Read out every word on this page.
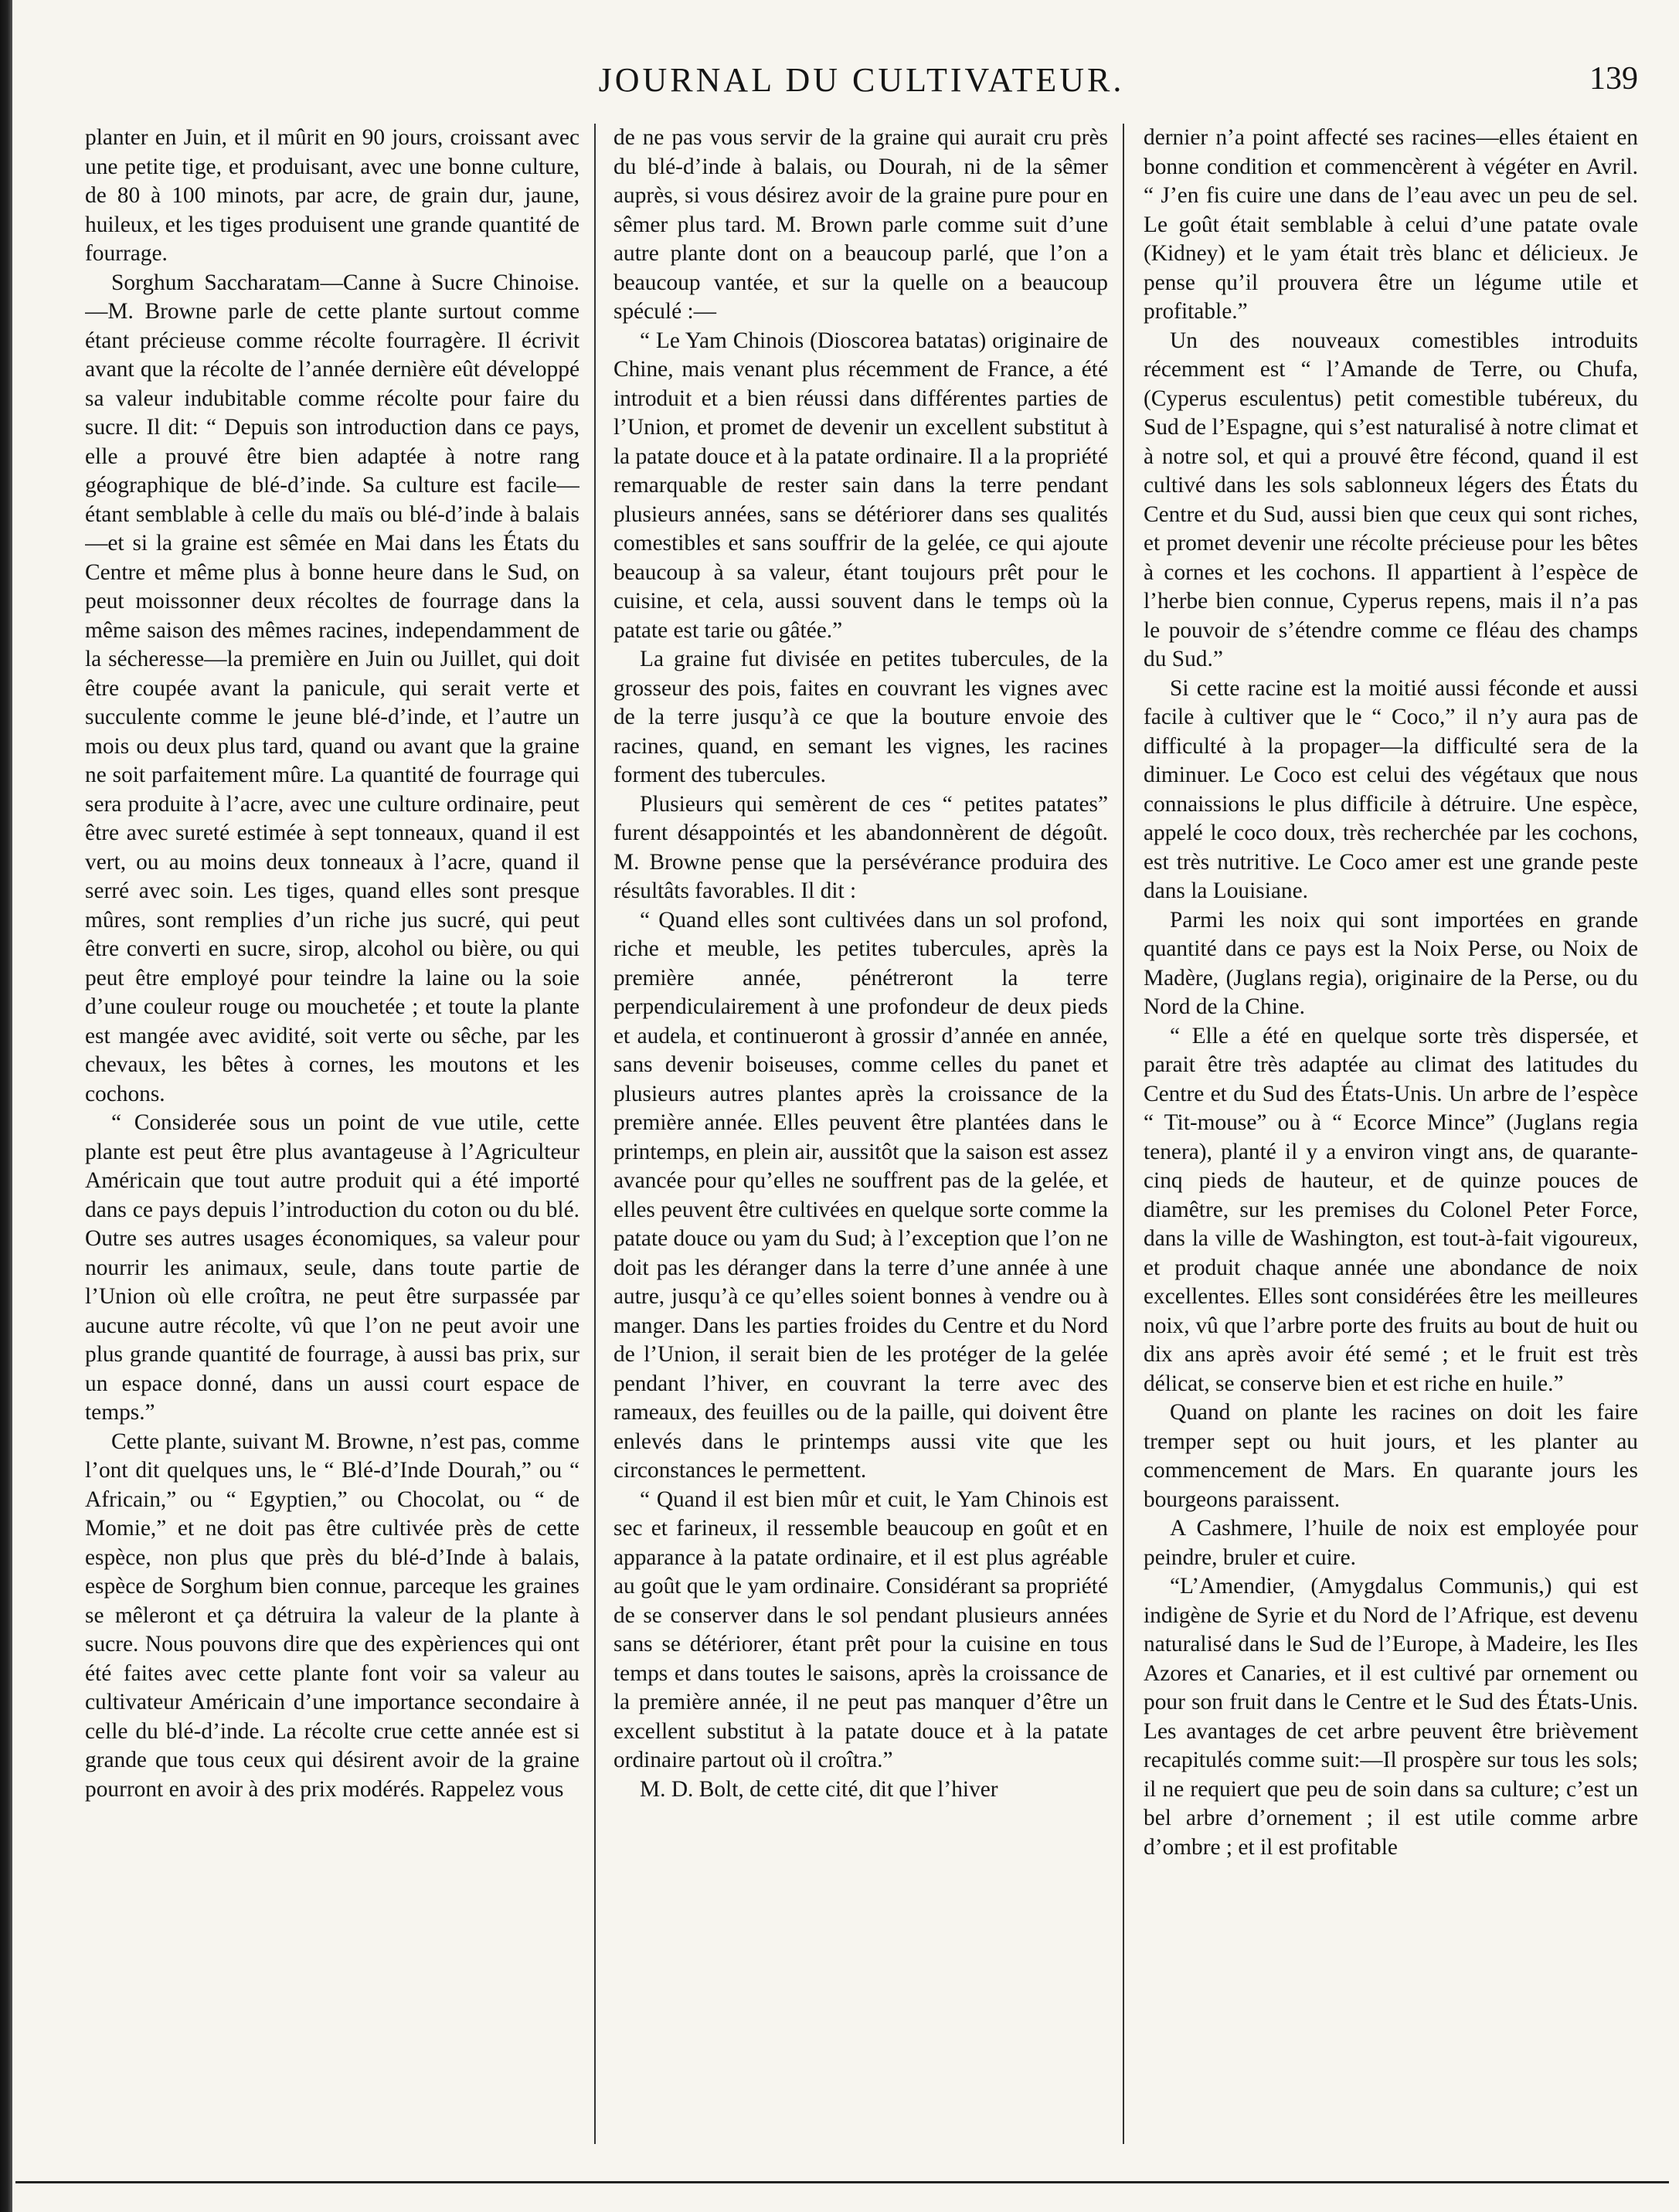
JOURNAL DU CULTIVATEUR.	139

planter en Juin, et il mûrit en 90 jours, croissant avec une petite tige, et produisant, avec une bonne culture, de 80 à 100 minots, par acre, de grain dur, jaune, huileux, et les tiges produisent une grande quantité de fourrage.

Sorghum Saccharatam—Canne à Sucre Chinoise.—M. Browne parle de cette plante surtout comme étant précieuse comme récolte fourragère. Il écrivit avant que la récolte de l’année dernière eût développé sa valeur indubitable comme récolte pour faire du sucre. Il dit: “ Depuis son introduction dans ce pays, elle a prouvé être bien adaptée à notre rang géographique de blé-d’inde. Sa culture est facile—étant semblable à celle du maïs ou blé-d’inde à balais—et si la graine est sêmée en Mai dans les États du Centre et même plus à bonne heure dans le Sud, on peut moissonner deux récoltes de fourrage dans la même saison des mêmes racines, independamment de la sécheresse—la première en Juin ou Juillet, qui doit être coupée avant la panicule, qui serait verte et succulente comme le jeune blé-d’inde, et l’autre un mois ou deux plus tard, quand ou avant que la graine ne soit parfaitement mûre. La quantité de fourrage qui sera produite à l’acre, avec une culture ordinaire, peut être avec sureté estimée à sept tonneaux, quand il est vert, ou au moins deux tonneaux à l’acre, quand il serré avec soin. Les tiges, quand elles sont presque mûres, sont remplies d’un riche jus sucré, qui peut être converti en sucre, sirop, alcohol ou bière, ou qui peut être employé pour teindre la laine ou la soie d’une couleur rouge ou mouchetée ; et toute la plante est mangée avec avidité, soit verte ou sêche, par les chevaux, les bêtes à cornes, les moutons et les cochons.

“ Considerée sous un point de vue utile, cette plante est peut être plus avantageuse à l’Agriculteur Américain que tout autre produit qui a été importé dans ce pays depuis l’introduction du coton ou du blé. Outre ses autres usages économiques, sa valeur pour nourrir les animaux, seule, dans toute partie de l’Union où elle croîtra, ne peut être surpassée par aucune autre récolte, vû que l’on ne peut avoir une plus grande quantité de fourrage, à aussi bas prix, sur un espace donné, dans un aussi court espace de temps.”

Cette plante, suivant M. Browne, n’est pas, comme l’ont dit quelques uns, le “ Blé-d’Inde Dourah,” ou “ Africain,” ou “ Egyptien,” ou Chocolat, ou “ de Momie,” et ne doit pas être cultivée près de cette espèce, non plus que près du blé-d’Inde à balais, espèce de Sorghum bien connue, parceque les graines se mêleront et ça détruira la valeur de la plante à sucre. Nous pouvons dire que des expèriences qui ont été faites avec cette plante font voir sa valeur au cultivateur Américain d’une importance secondaire à celle du blé-d’inde. La récolte crue cette année est si grande que tous ceux qui désirent avoir de la graine pourront en avoir à des prix modérés. Rappelez vous

de ne pas vous servir de la graine qui aurait cru près du blé-d’inde à balais, ou Dourah, ni de la sêmer auprès, si vous désirez avoir de la graine pure pour en sêmer plus tard. M. Brown parle comme suit d’une autre plante dont on a beaucoup parlé, que l’on a beaucoup vantée, et sur la quelle on a beaucoup spéculé :—

“ Le Yam Chinois (Dioscorea batatas) originaire de Chine, mais venant plus récemment de France, a été introduit et a bien réussi dans différentes parties de l’Union, et promet de devenir un excellent substitut à la patate douce et à la patate ordinaire. Il a la propriété remarquable de rester sain dans la terre pendant plusieurs années, sans se détériorer dans ses qualités comestibles et sans souffrir de la gelée, ce qui ajoute beaucoup à sa valeur, étant toujours prêt pour le cuisine, et cela, aussi souvent dans le temps où la patate est tarie ou gâtée.”

La graine fut divisée en petites tubercules, de la grosseur des pois, faites en couvrant les vignes avec de la terre jusqu’à ce que la bouture envoie des racines, quand, en semant les vignes, les racines forment des tubercules.

Plusieurs qui semèrent de ces “ petites patates” furent désappointés et les abandonnèrent de dégoût. M. Browne pense que la persévérance produira des résultâts favorables. Il dit :

“ Quand elles sont cultivées dans un sol profond, riche et meuble, les petites tubercules, après la première année, pénétreront la terre perpendiculairement à une profondeur de deux pieds et audela, et continueront à grossir d’année en année, sans devenir boiseuses, comme celles du panet et plusieurs autres plantes après la croissance de la première année. Elles peuvent être plantées dans le printemps, en plein air, aussitôt que la saison est assez avancée pour qu’elles ne souffrent pas de la gelée, et elles peuvent être cultivées en quelque sorte comme la patate douce ou yam du Sud; à l’exception que l’on ne doit pas les déranger dans la terre d’une année à une autre, jusqu’à ce qu’elles soient bonnes à vendre ou à manger. Dans les parties froides du Centre et du Nord de l’Union, il serait bien de les protéger de la gelée pendant l’hiver, en couvrant la terre avec des rameaux, des feuilles ou de la paille, qui doivent être enlevés dans le printemps aussi vite que les circonstances le permettent.

“ Quand il est bien mûr et cuit, le Yam Chinois est sec et farineux, il ressemble beaucoup en goût et en apparance à la patate ordinaire, et il est plus agréable au goût que le yam ordinaire. Considérant sa propriété de se conserver dans le sol pendant plusieurs années sans se détériorer, étant prêt pour la cuisine en tous temps et dans toutes le saisons, après la croissance de la première année, il ne peut pas manquer d’être un excellent substitut à la patate douce et à la patate ordinaire partout où il croîtra.”

M. D. Bolt, de cette cité, dit que l’hiver

dernier n’a point affecté ses racines—elles étaient en bonne condition et commencèrent à végéter en Avril. “ J’en fis cuire une dans de l’eau avec un peu de sel. Le goût était semblable à celui d’une patate ovale (Kidney) et le yam était très blanc et délicieux. Je pense qu’il prouvera être un légume utile et profitable.”

Un des nouveaux comestibles introduits récemment est “ l’Amande de Terre, ou Chufa, (Cyperus esculentus) petit comestible tubéreux, du Sud de l’Espagne, qui s’est naturalisé à notre climat et à notre sol, et qui a prouvé être fécond, quand il est cultivé dans les sols sablonneux légers des États du Centre et du Sud, aussi bien que ceux qui sont riches, et promet devenir une récolte précieuse pour les bêtes à cornes et les cochons. Il appartient à l’espèce de l’herbe bien connue, Cyperus repens, mais il n’a pas le pouvoir de s’étendre comme ce fléau des champs du Sud.”

Si cette racine est la moitié aussi féconde et aussi facile à cultiver que le “ Coco,” il n’y aura pas de difficulté à la propager—la difficulté sera de la diminuer. Le Coco est celui des végétaux que nous connaissions le plus difficile à détruire. Une espèce, appelé le coco doux, très recherchée par les cochons, est très nutritive. Le Coco amer est une grande peste dans la Louisiane.

Parmi les noix qui sont importées en grande quantité dans ce pays est la Noix Perse, ou Noix de Madère, (Juglans regia), originaire de la Perse, ou du Nord de la Chine.

“ Elle a été en quelque sorte très dispersée, et parait être très adaptée au climat des latitudes du Centre et du Sud des États-Unis. Un arbre de l’espèce “ Tit-mouse” ou à “ Ecorce Mince” (Juglans regia tenera), planté il y a environ vingt ans, de quarante-cinq pieds de hauteur, et de quinze pouces de diamêtre, sur les premises du Colonel Peter Force, dans la ville de Washington, est tout-à-fait vigoureux, et produit chaque année une abondance de noix excellentes. Elles sont considérées être les meilleures noix, vû que l’arbre porte des fruits au bout de huit ou dix ans après avoir été semé ; et le fruit est très délicat, se conserve bien et est riche en huile.”

Quand on plante les racines on doit les faire tremper sept ou huit jours, et les planter au commencement de Mars. En quarante jours les bourgeons paraissent.

A Cashmere, l’huile de noix est employée pour peindre, bruler et cuire.

“L’Amendier, (Amygdalus Communis,) qui est indigène de Syrie et du Nord de l’Afrique, est devenu naturalisé dans le Sud de l’Europe, à Madeire, les Iles Azores et Canaries, et il est cultivé par ornement ou pour son fruit dans le Centre et le Sud des États-Unis. Les avantages de cet arbre peuvent être brièvement recapitulés comme suit:—Il prospère sur tous les sols; il ne requiert que peu de soin dans sa culture; c’est un bel arbre d’ornement ; il est utile comme arbre d’ombre ; et il est profitable
